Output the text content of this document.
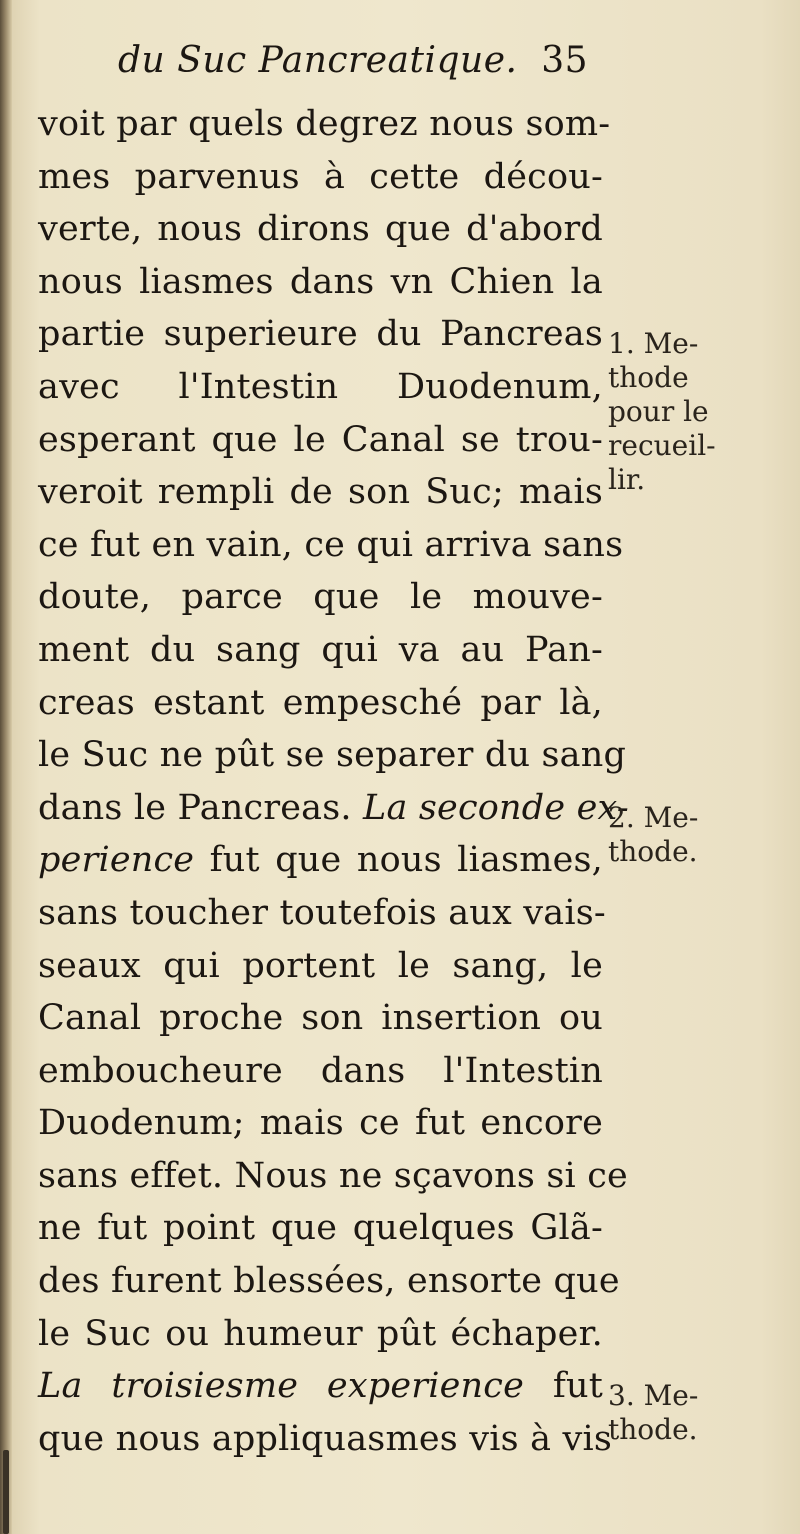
du Suc Pancreatique. 35
voit par quels degrez nous som-
mes parvenus à cette décou-
verte, nous dirons que d'abord
nous liasmes dans vn Chien la
partie superieure du Pancreas
avec l'Intestin Duodenum,
esperant que le Canal se trou-
veroit rempli de son Suc; mais
ce fut en vain, ce qui arriva sans
doute, parce que le mouve-
ment du sang qui va au Pan-
creas estant empesché par là,
le Suc ne pût se separer du sang
dans le Pancreas. La seconde ex-
perience fut que nous liasmes,
sans toucher toutefois aux vais-
seaux qui portent le sang, le
Canal proche son insertion ou
emboucheure dans l'Intestin
Duodenum; mais ce fut encore
sans effet. Nous ne sçavons si ce
ne fut point que quelques Glã-
des furent blessées, ensorte que
le Suc ou humeur pût échaper.
La troisiesme experience fut
que nous appliquasmes vis à vis
1. Me-
thode
pour le
recueil-
lir.
2. Me-
thode.
3. Me-
thode.
